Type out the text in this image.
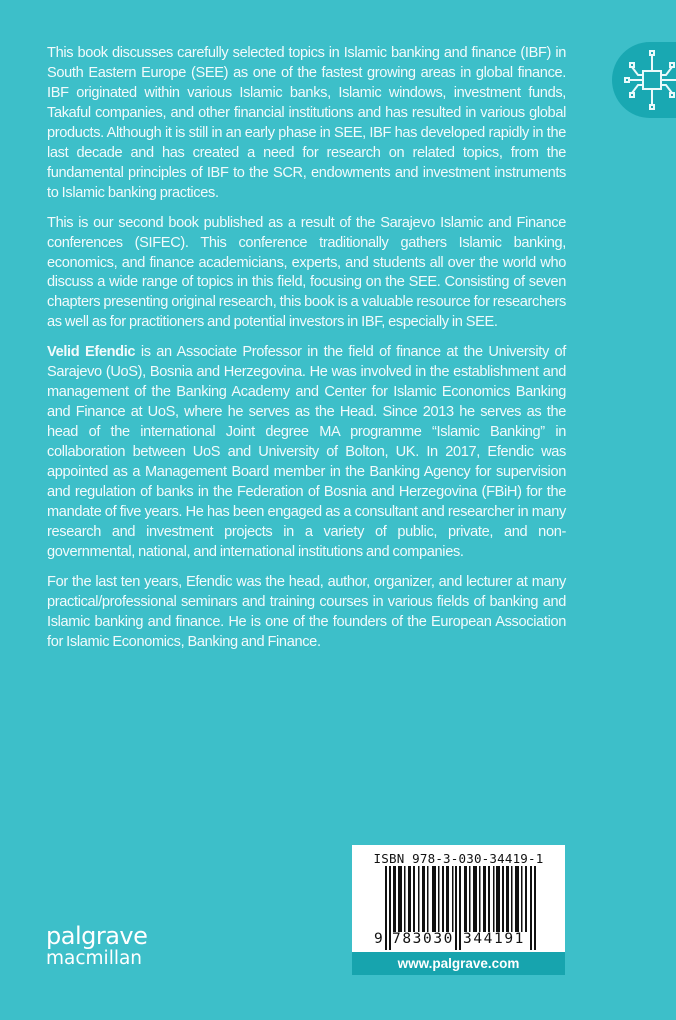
This book discusses carefully selected topics in Islamic banking and finance (IBF) in South Eastern Europe (SEE) as one of the fastest growing areas in global finance. IBF originated within various Islamic banks, Islamic windows, investment funds, Takaful companies, and other financial institutions and has resulted in various global products. Although it is still in an early phase in SEE, IBF has developed rapidly in the last decade and has created a need for research on related topics, from the fundamental principles of IBF to the SCR, endowments and investment instruments to Islamic banking practices.

This is our second book published as a result of the Sarajevo Islamic and Finance conferences (SIFEC). This conference traditionally gathers Islamic banking, economics, and finance academicians, experts, and students all over the world who discuss a wide range of topics in this field, focusing on the SEE. Consisting of seven chapters presenting original research, this book is a valuable resource for researchers as well as for practitioners and potential investors in IBF, especially in SEE.

Velid Efendic is an Associate Professor in the field of finance at the University of Sarajevo (UoS), Bosnia and Herzegovina. He was involved in the establishment and management of the Banking Academy and Center for Islamic Economics Banking and Finance at UoS, where he serves as the Head. Since 2013 he serves as the head of the international Joint degree MA programme “Islamic Banking” in collaboration between UoS and University of Bolton, UK. In 2017, Efendic was appointed as a Management Board member in the Banking Agency for supervision and regulation of banks in the Federation of Bosnia and Herzegovina (FBiH) for the mandate of five years. He has been engaged as a consultant and researcher in many research and investment projects in a variety of public, private, and non-governmental, national, and international institutions and companies.

For the last ten years, Efendic was the head, author, organizer, and lecturer at many practical/professional seminars and training courses in various fields of banking and Islamic banking and finance. He is one of the founders of the European Association for Islamic Economics, Banking and Finance.

palgrave
macmillan
ISBN 978-3-030-34419-1
9 783030 344191
www.palgrave.com
